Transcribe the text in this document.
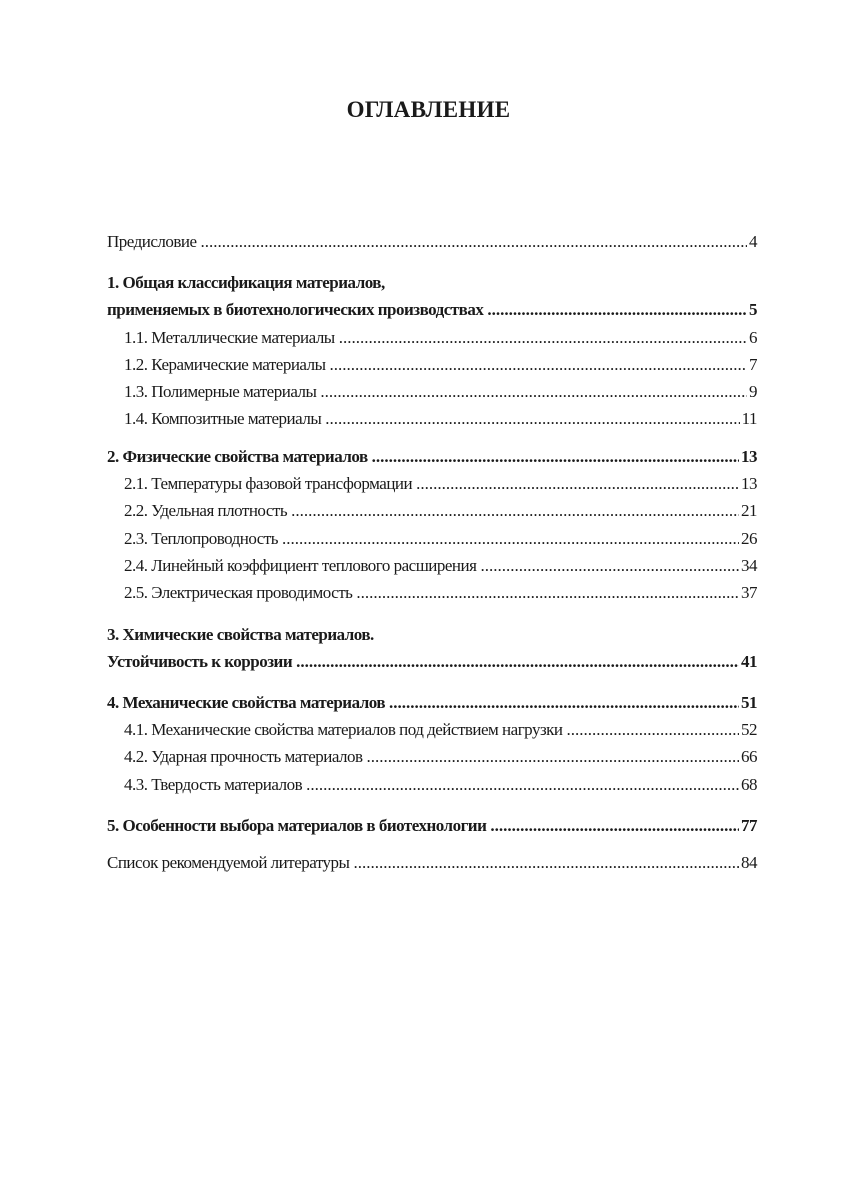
ОГЛАВЛЕНИЕ
Предисловие .....	4
1. Общая классификация материалов,
применяемых в биотехнологических производствах .....	5
1.1. Металлические материалы .....	6
1.2. Керамические материалы .....	7
1.3. Полимерные материалы .....	9
1.4. Композитные материалы .....	11
2. Физические свойства материалов .....	13
2.1. Температуры фазовой трансформации .....	13
2.2. Удельная плотность .....	21
2.3. Теплопроводность .....	26
2.4. Линейный коэффициент теплового расширения .....	34
2.5. Электрическая проводимость .....	37
3. Химические свойства материалов.
Устойчивость к коррозии .....	41
4. Механические свойства материалов .....	51
4.1. Механические свойства материалов под действием нагрузки .....	52
4.2. Ударная прочность материалов .....	66
4.3. Твердость материалов .....	68
5. Особенности выбора материалов в биотехнологии .....	77
Список рекомендуемой литературы .....	84
